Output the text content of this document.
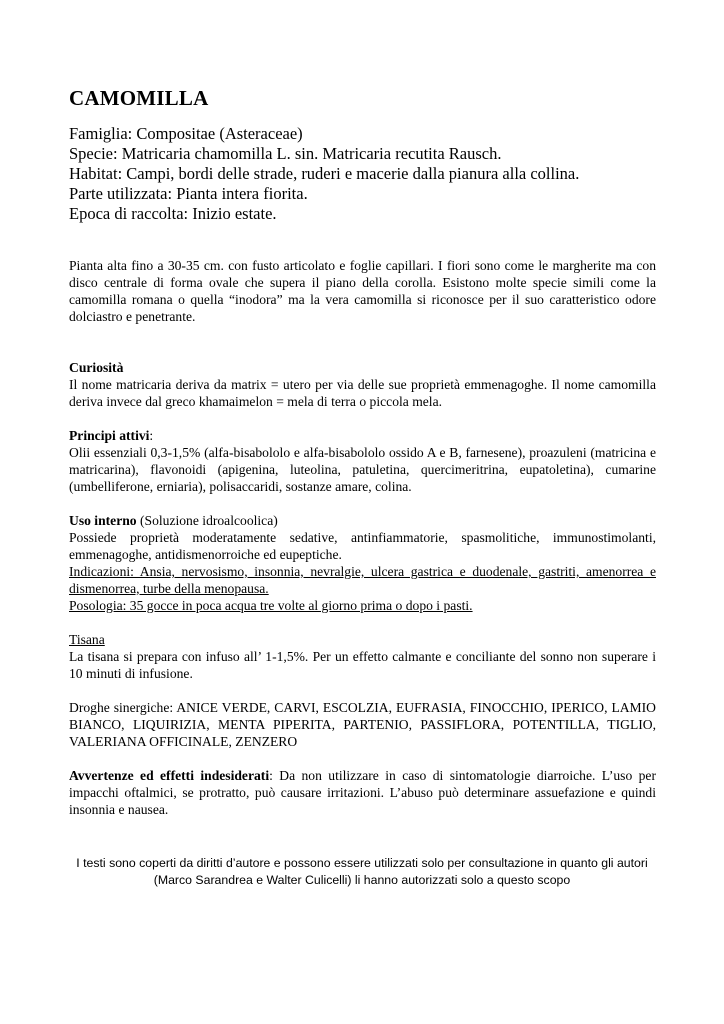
CAMOMILLA
Famiglia: Compositae (Asteraceae)
Specie: Matricaria chamomilla L. sin. Matricaria recutita Rausch.
Habitat: Campi, bordi delle strade, ruderi e macerie dalla pianura alla collina.
Parte utilizzata: Pianta intera fiorita.
Epoca di raccolta: Inizio estate.

Pianta alta fino a 30-35 cm. con fusto articolato e foglie capillari. I fiori sono come le margherite ma con disco centrale di forma ovale che supera il piano della corolla. Esistono molte specie simili come la camomilla romana o quella “inodora” ma la vera camomilla si riconosce per il suo caratteristico odore dolciastro e penetrante.

Curiosità

Il nome matricaria deriva da matrix = utero per via delle sue proprietà emmenagoghe. Il nome camomilla deriva invece dal greco khamaimelon = mela di terra o piccola mela.

Principi attivi:

Olii essenziali 0,3-1,5% (alfa-bisabololo e alfa-bisabololo ossido A e B, farnesene), proazuleni (matricina e matricarina), flavonoidi (apigenina, luteolina, patuletina, quercimeritrina, eupatoletina), cumarine (umbelliferone, erniaria), polisaccaridi, sostanze amare, colina.

Uso interno (Soluzione idroalcoolica)

Possiede proprietà moderatamente sedative, antinfiammatorie, spasmolitiche, immunostimolanti, emmenagoghe, antidismenorroiche ed eupeptiche.

Indicazioni: Ansia, nervosismo, insonnia, nevralgie, ulcera gastrica e duodenale, gastriti, amenorrea e dismenorrea, turbe della menopausa.

Posologia: 35 gocce in poca acqua tre volte al giorno prima o dopo i pasti.

Tisana

La tisana si prepara con infuso all’ 1-1,5%. Per un effetto calmante e conciliante del sonno non superare i 10 minuti di infusione.

Droghe sinergiche: ANICE VERDE, CARVI, ESCOLZIA, EUFRASIA, FINOCCHIO, IPERICO, LAMIO BIANCO, LIQUIRIZIA, MENTA PIPERITA, PARTENIO, PASSIFLORA, POTENTILLA, TIGLIO, VALERIANA OFFICINALE, ZENZERO

Avvertenze ed effetti indesiderati: Da non utilizzare in caso di sintomatologie diarroiche. L’uso per impacchi oftalmici, se protratto, può causare irritazioni. L’abuso può determinare assuefazione e quindi insonnia e nausea.

I testi sono coperti da diritti d’autore e possono essere utilizzati solo per consultazione in quanto gli autori
(Marco Sarandrea e Walter Culicelli) li hanno autorizzati solo a questo scopo
